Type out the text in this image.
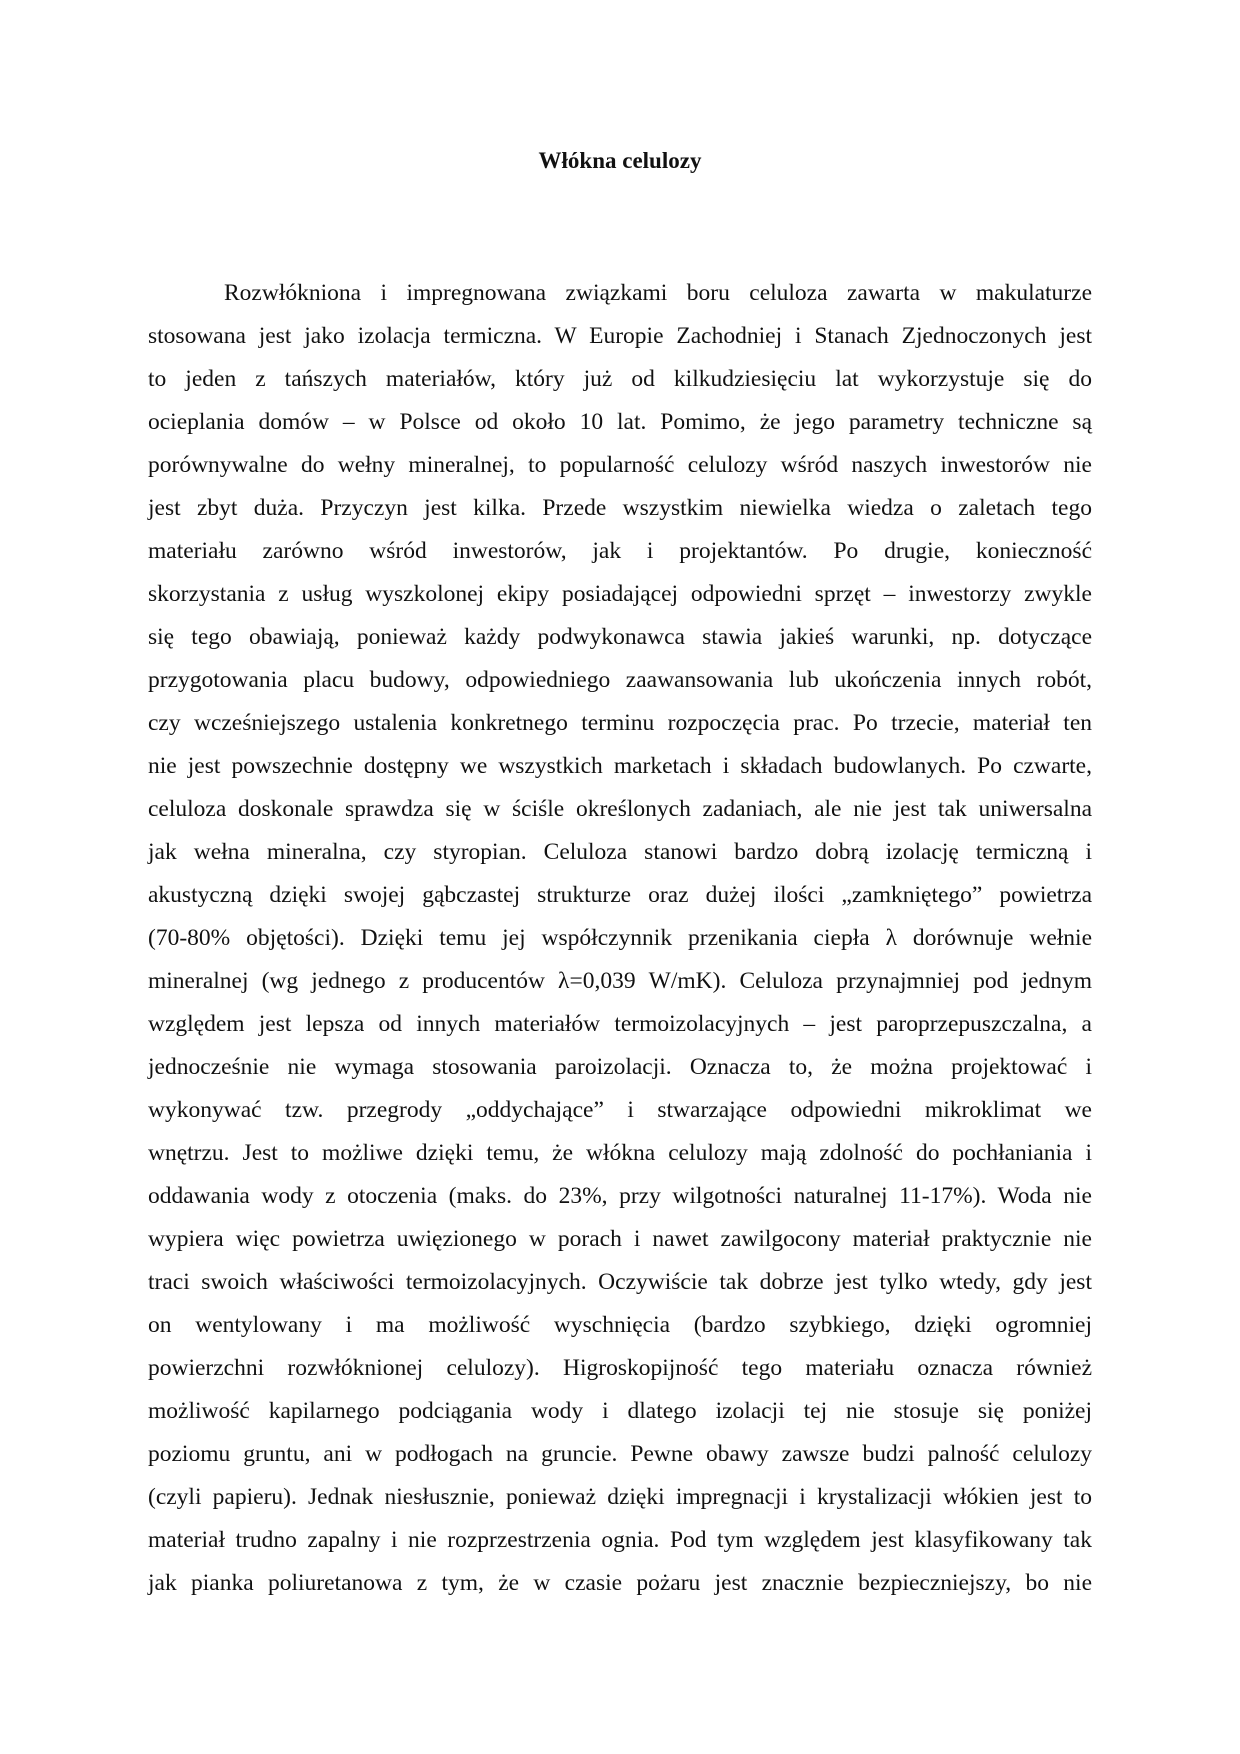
Włókna celulozy
Rozwłókniona i impregnowana związkami boru celuloza zawarta w makulaturze
stosowana jest jako izolacja termiczna. W Europie Zachodniej i Stanach Zjednoczonych jest
to jeden z tańszych materiałów, który już od kilkudziesięciu lat wykorzystuje się do
ocieplania domów – w Polsce od około 10 lat. Pomimo, że jego parametry techniczne są
porównywalne do wełny mineralnej, to popularność celulozy wśród naszych inwestorów nie
jest zbyt duża. Przyczyn jest kilka. Przede wszystkim niewielka wiedza o zaletach tego
materiału zarówno wśród inwestorów, jak i projektantów. Po drugie, konieczność
skorzystania z usług wyszkolonej ekipy posiadającej odpowiedni sprzęt – inwestorzy zwykle
się tego obawiają, ponieważ każdy podwykonawca stawia jakieś warunki, np. dotyczące
przygotowania placu budowy, odpowiedniego zaawansowania lub ukończenia innych robót,
czy wcześniejszego ustalenia konkretnego terminu rozpoczęcia prac. Po trzecie, materiał ten
nie jest powszechnie dostępny we wszystkich marketach i składach budowlanych. Po czwarte,
celuloza doskonale sprawdza się w ściśle określonych zadaniach, ale nie jest tak uniwersalna
jak wełna mineralna, czy styropian. Celuloza stanowi bardzo dobrą izolację termiczną i
akustyczną dzięki swojej gąbczastej strukturze oraz dużej ilości „zamkniętego” powietrza
(70-80% objętości). Dzięki temu jej współczynnik przenikania ciepła λ dorównuje wełnie
mineralnej (wg jednego z producentów λ=0,039 W/mK). Celuloza przynajmniej pod jednym
względem jest lepsza od innych materiałów termoizolacyjnych – jest paroprzepuszczalna, a
jednocześnie nie wymaga stosowania paroizolacji. Oznacza to, że można projektować i
wykonywać tzw. przegrody „oddychające” i stwarzające odpowiedni mikroklimat we
wnętrzu. Jest to możliwe dzięki temu, że włókna celulozy mają zdolność do pochłaniania i
oddawania wody z otoczenia (maks. do 23%, przy wilgotności naturalnej 11-17%). Woda nie
wypiera więc powietrza uwięzionego w porach i nawet zawilgocony materiał praktycznie nie
traci swoich właściwości termoizolacyjnych. Oczywiście tak dobrze jest tylko wtedy, gdy jest
on wentylowany i ma możliwość wyschnięcia (bardzo szybkiego, dzięki ogromniej
powierzchni rozwłóknionej celulozy). Higroskopijność tego materiału oznacza również
możliwość kapilarnego podciągania wody i dlatego izolacji tej nie stosuje się poniżej
poziomu gruntu, ani w podłogach na gruncie. Pewne obawy zawsze budzi palność celulozy
(czyli papieru). Jednak niesłusznie, ponieważ dzięki impregnacji i krystalizacji włókien jest to
materiał trudno zapalny i nie rozprzestrzenia ognia. Pod tym względem jest klasyfikowany tak
jak pianka poliuretanowa z tym, że w czasie pożaru jest znacznie bezpieczniejszy, bo nie
